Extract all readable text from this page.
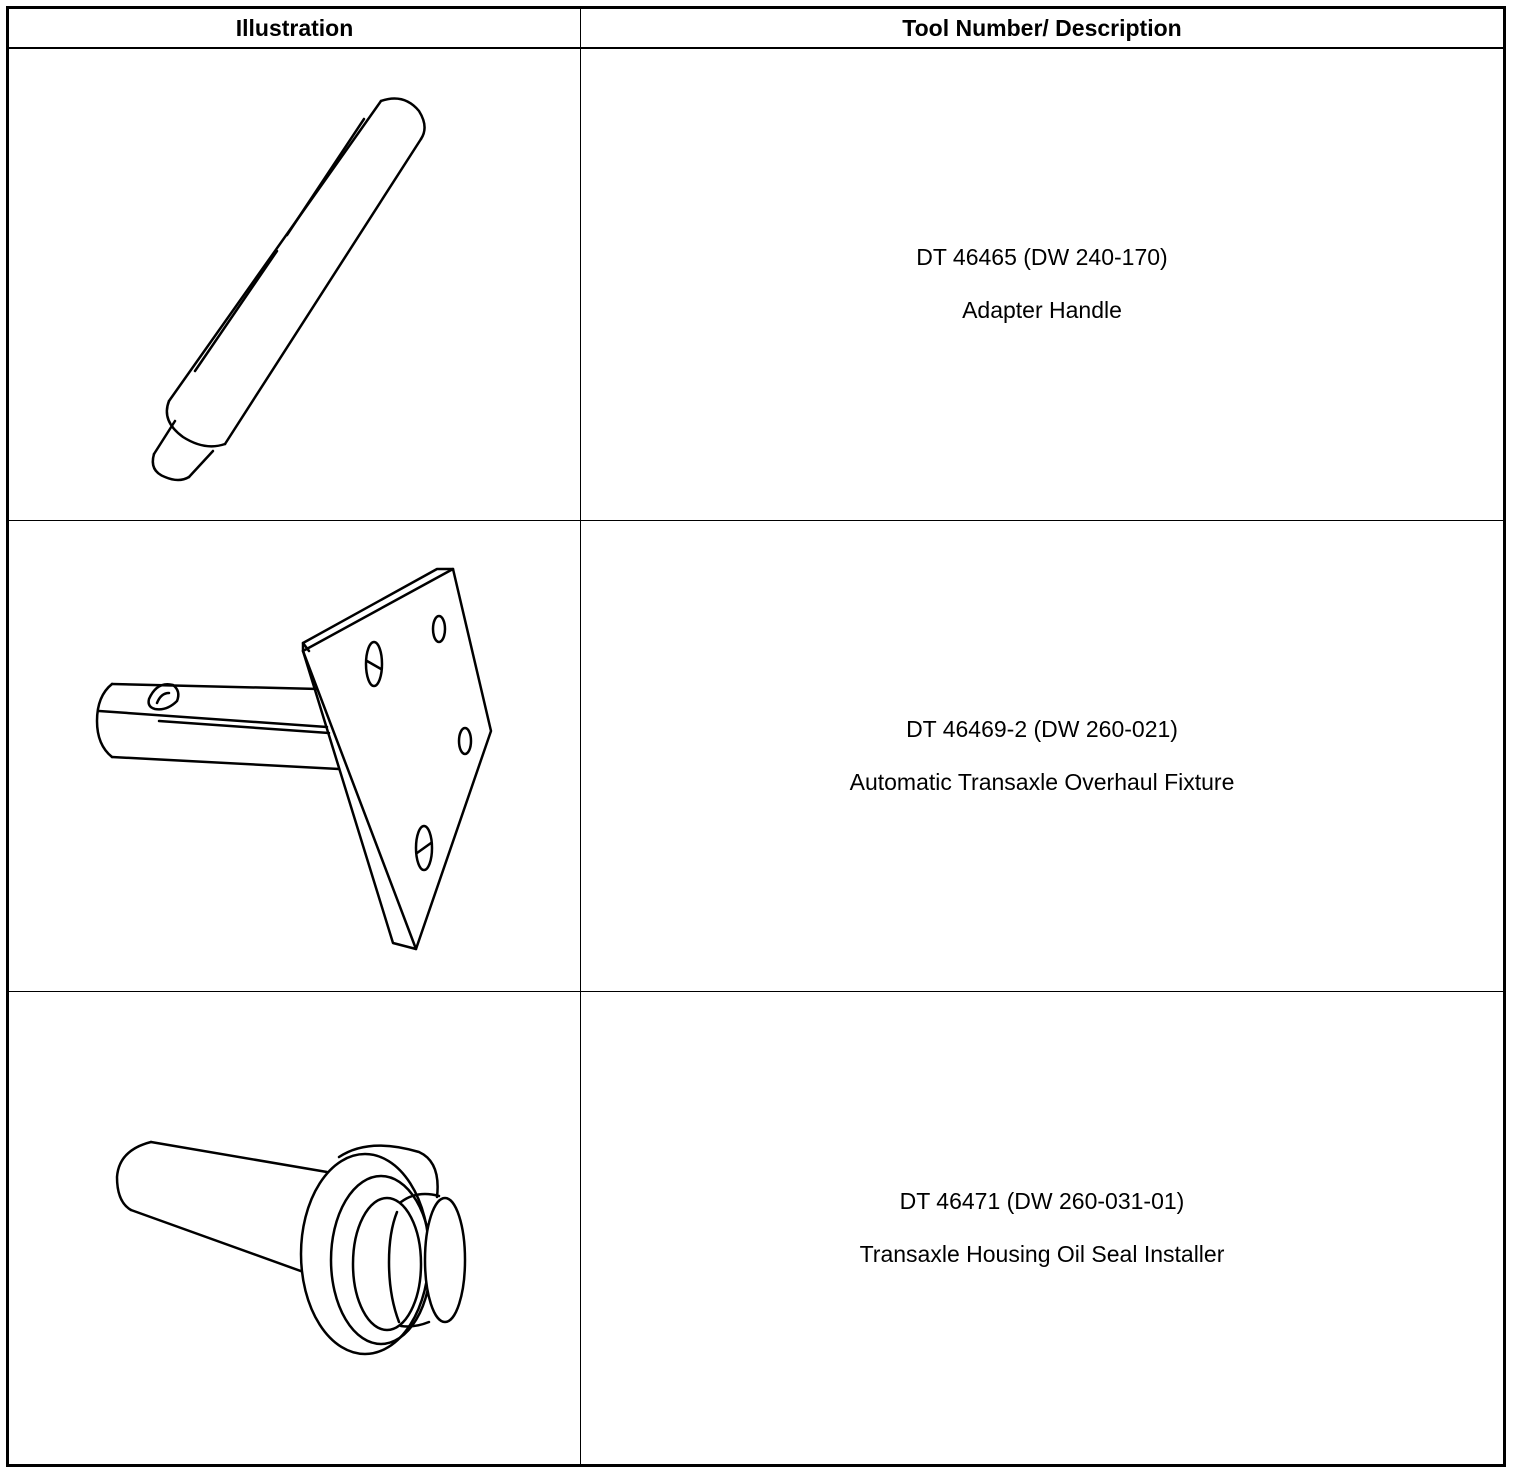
Illustration	Tool Number/ Description
DT 46465 (DW 240-170)
Adapter Handle
DT 46469-2 (DW 260-021)
Automatic Transaxle Overhaul Fixture
DT 46471 (DW 260-031-01)
Transaxle Housing Oil Seal Installer
